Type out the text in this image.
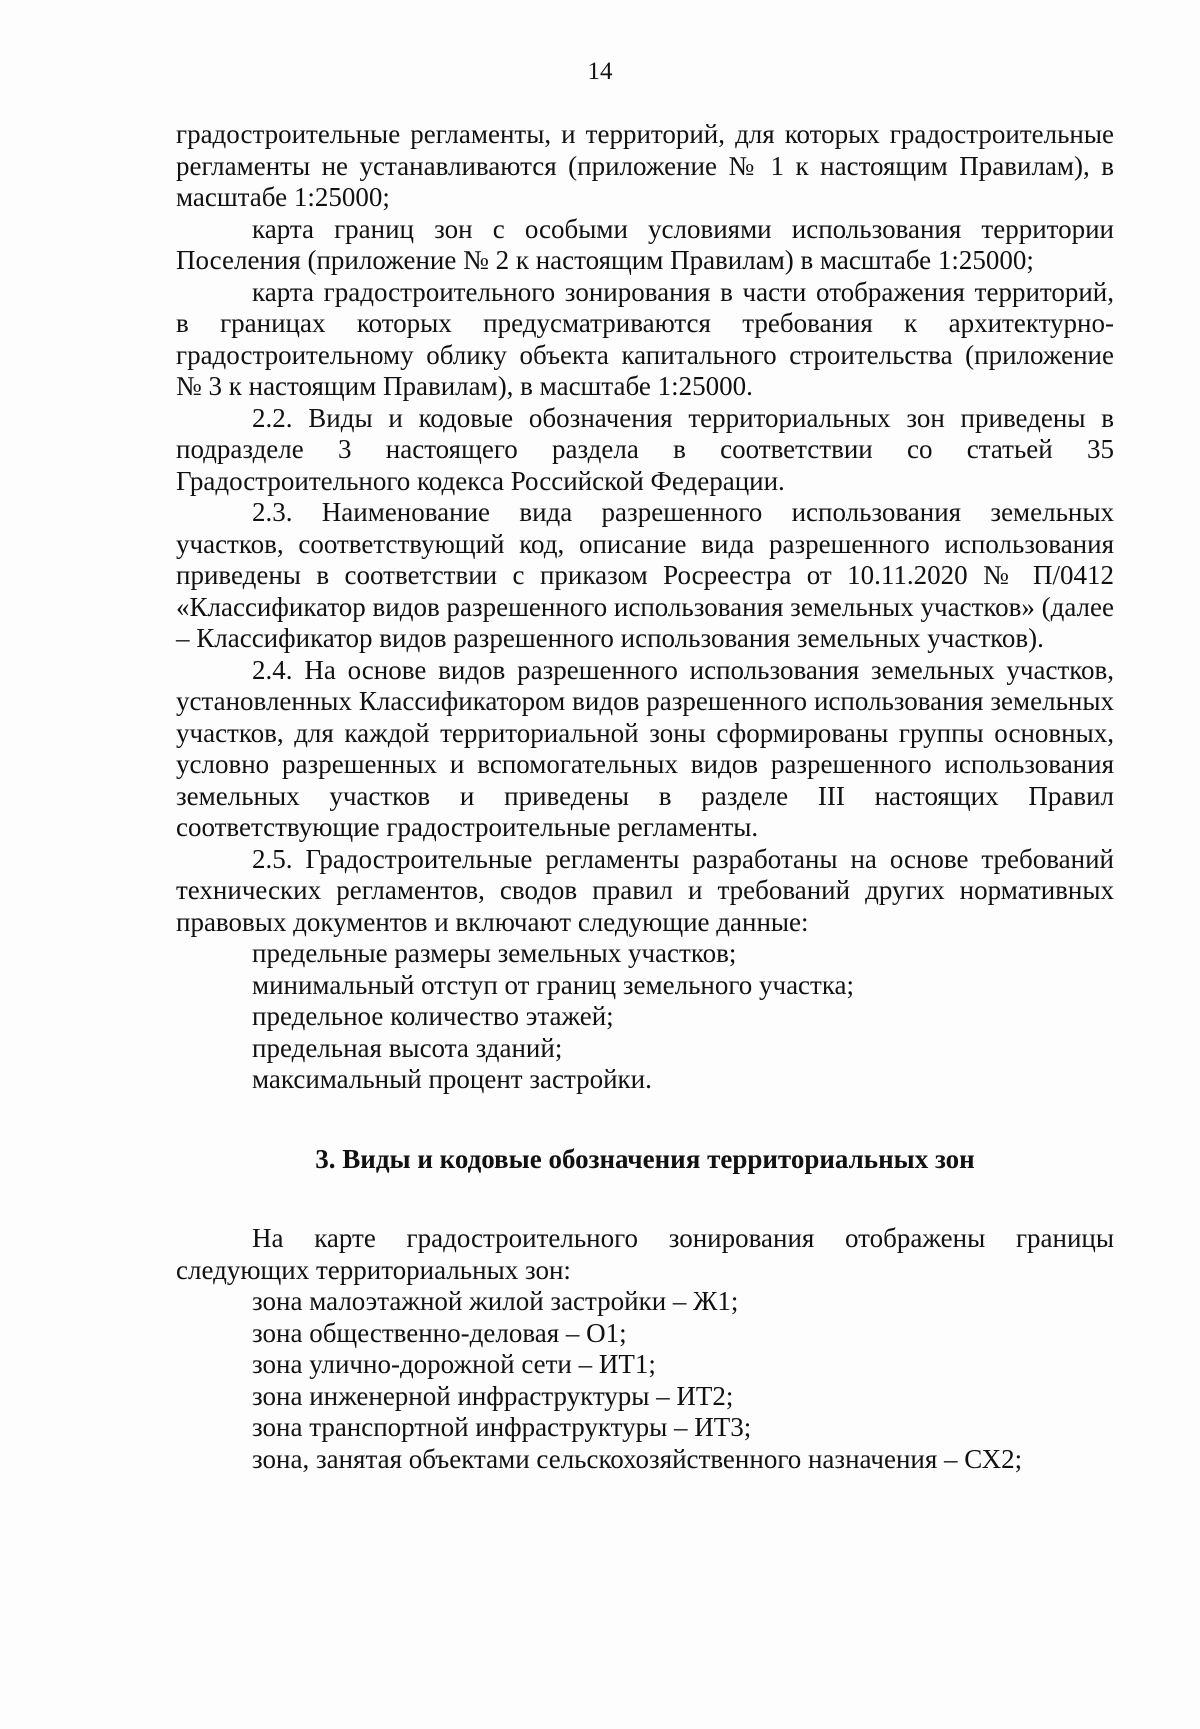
14

градостроительные регламенты, и территорий, для которых градостроительные регламенты не устанавливаются (приложение № 1 к настоящим Правилам), в масштабе 1:25000;

карта границ зон с особыми условиями использования территории Поселения (приложение № 2 к настоящим Правилам) в масштабе 1:25000;

карта градостроительного зонирования в части отображения территорий, в границах которых предусматриваются требования к архитектурно-градостроительному облику объекта капитального строительства (приложение № 3 к настоящим Правилам), в масштабе 1:25000.

2.2. Виды и кодовые обозначения территориальных зон приведены в подразделе 3 настоящего раздела в соответствии со статьей 35 Градостроительного кодекса Российской Федерации.

2.3. Наименование вида разрешенного использования земельных участков, соответствующий код, описание вида разрешенного использования приведены в соответствии с приказом Росреестра от 10.11.2020 № П/0412 «Классификатор видов разрешенного использования земельных участков» (далее – Классификатор видов разрешенного использования земельных участков).

2.4. На основе видов разрешенного использования земельных участков, установленных Классификатором видов разрешенного использования земельных участков, для каждой территориальной зоны сформированы группы основных, условно разрешенных и вспомогательных видов разрешенного использования земельных участков и приведены в разделе III настоящих Правил соответствующие градостроительные регламенты.

2.5. Градостроительные регламенты разработаны на основе требований технических регламентов, сводов правил и требований других нормативных правовых документов и включают следующие данные:

предельные размеры земельных участков;

минимальный отступ от границ земельного участка;

предельное количество этажей;

предельная высота зданий;

максимальный процент застройки.

3. Виды и кодовые обозначения территориальных зон

На карте градостроительного зонирования отображены границы следующих территориальных зон:

зона малоэтажной жилой застройки – Ж1;

зона общественно-деловая – О1;

зона улично-дорожной сети – ИТ1;

зона инженерной инфраструктуры – ИТ2;

зона транспортной инфраструктуры – ИТ3;

зона, занятая объектами сельскохозяйственного назначения – СХ2;
